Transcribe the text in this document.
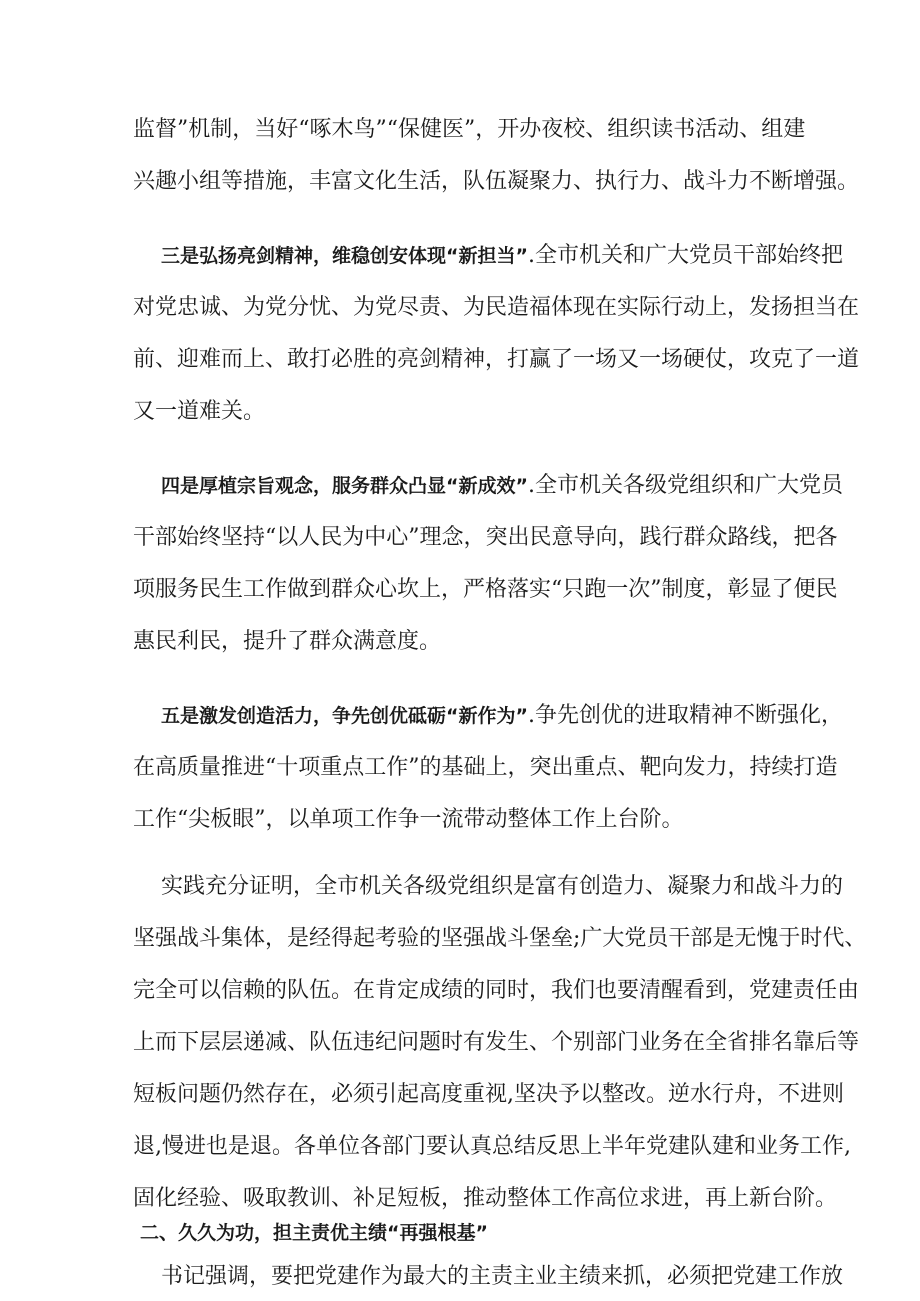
监督”机制，当好“啄木鸟”“保健医”，开办夜校、组织读书活动、组建
兴趣小组等措施，丰富文化生活，队伍凝聚力、执行力、战斗力不断增强。
三是弘扬亮剑精神，维稳创安体现“新担当”.全市机关和广大党员干部始终把
对党忠诚、为党分忧、为党尽责、为民造福体现在实际行动上，发扬担当在
前、迎难而上、敢打必胜的亮剑精神，打赢了一场又一场硬仗，攻克了一道
又一道难关。
四是厚植宗旨观念，服务群众凸显“新成效”.全市机关各级党组织和广大党员
干部始终坚持“以人民为中心”理念，突出民意导向，践行群众路线，把各
项服务民生工作做到群众心坎上，严格落实“只跑一次”制度，彰显了便民
惠民利民，提升了群众满意度。
五是激发创造活力，争先创优砥砺“新作为”.争先创优的进取精神不断强化，
在高质量推进“十项重点工作”的基础上，突出重点、靶向发力，持续打造
工作“尖板眼”，以单项工作争一流带动整体工作上台阶。
实践充分证明，全市机关各级党组织是富有创造力、凝聚力和战斗力的
坚强战斗集体，是经得起考验的坚强战斗堡垒;广大党员干部是无愧于时代、
完全可以信赖的队伍。在肯定成绩的同时，我们也要清醒看到，党建责任由
上而下层层递减、队伍违纪问题时有发生、个别部门业务在全省排名靠后等
短板问题仍然存在，必须引起高度重视,坚决予以整改。逆水行舟，不进则
退,慢进也是退。各单位各部门要认真总结反思上半年党建队建和业务工作,
固化经验、吸取教训、补足短板，推动整体工作高位求进，再上新台阶。
二、久久为功，担主责优主绩“再强根基”
书记强调，要把党建作为最大的主责主业主绩来抓，必须把党建工作放
